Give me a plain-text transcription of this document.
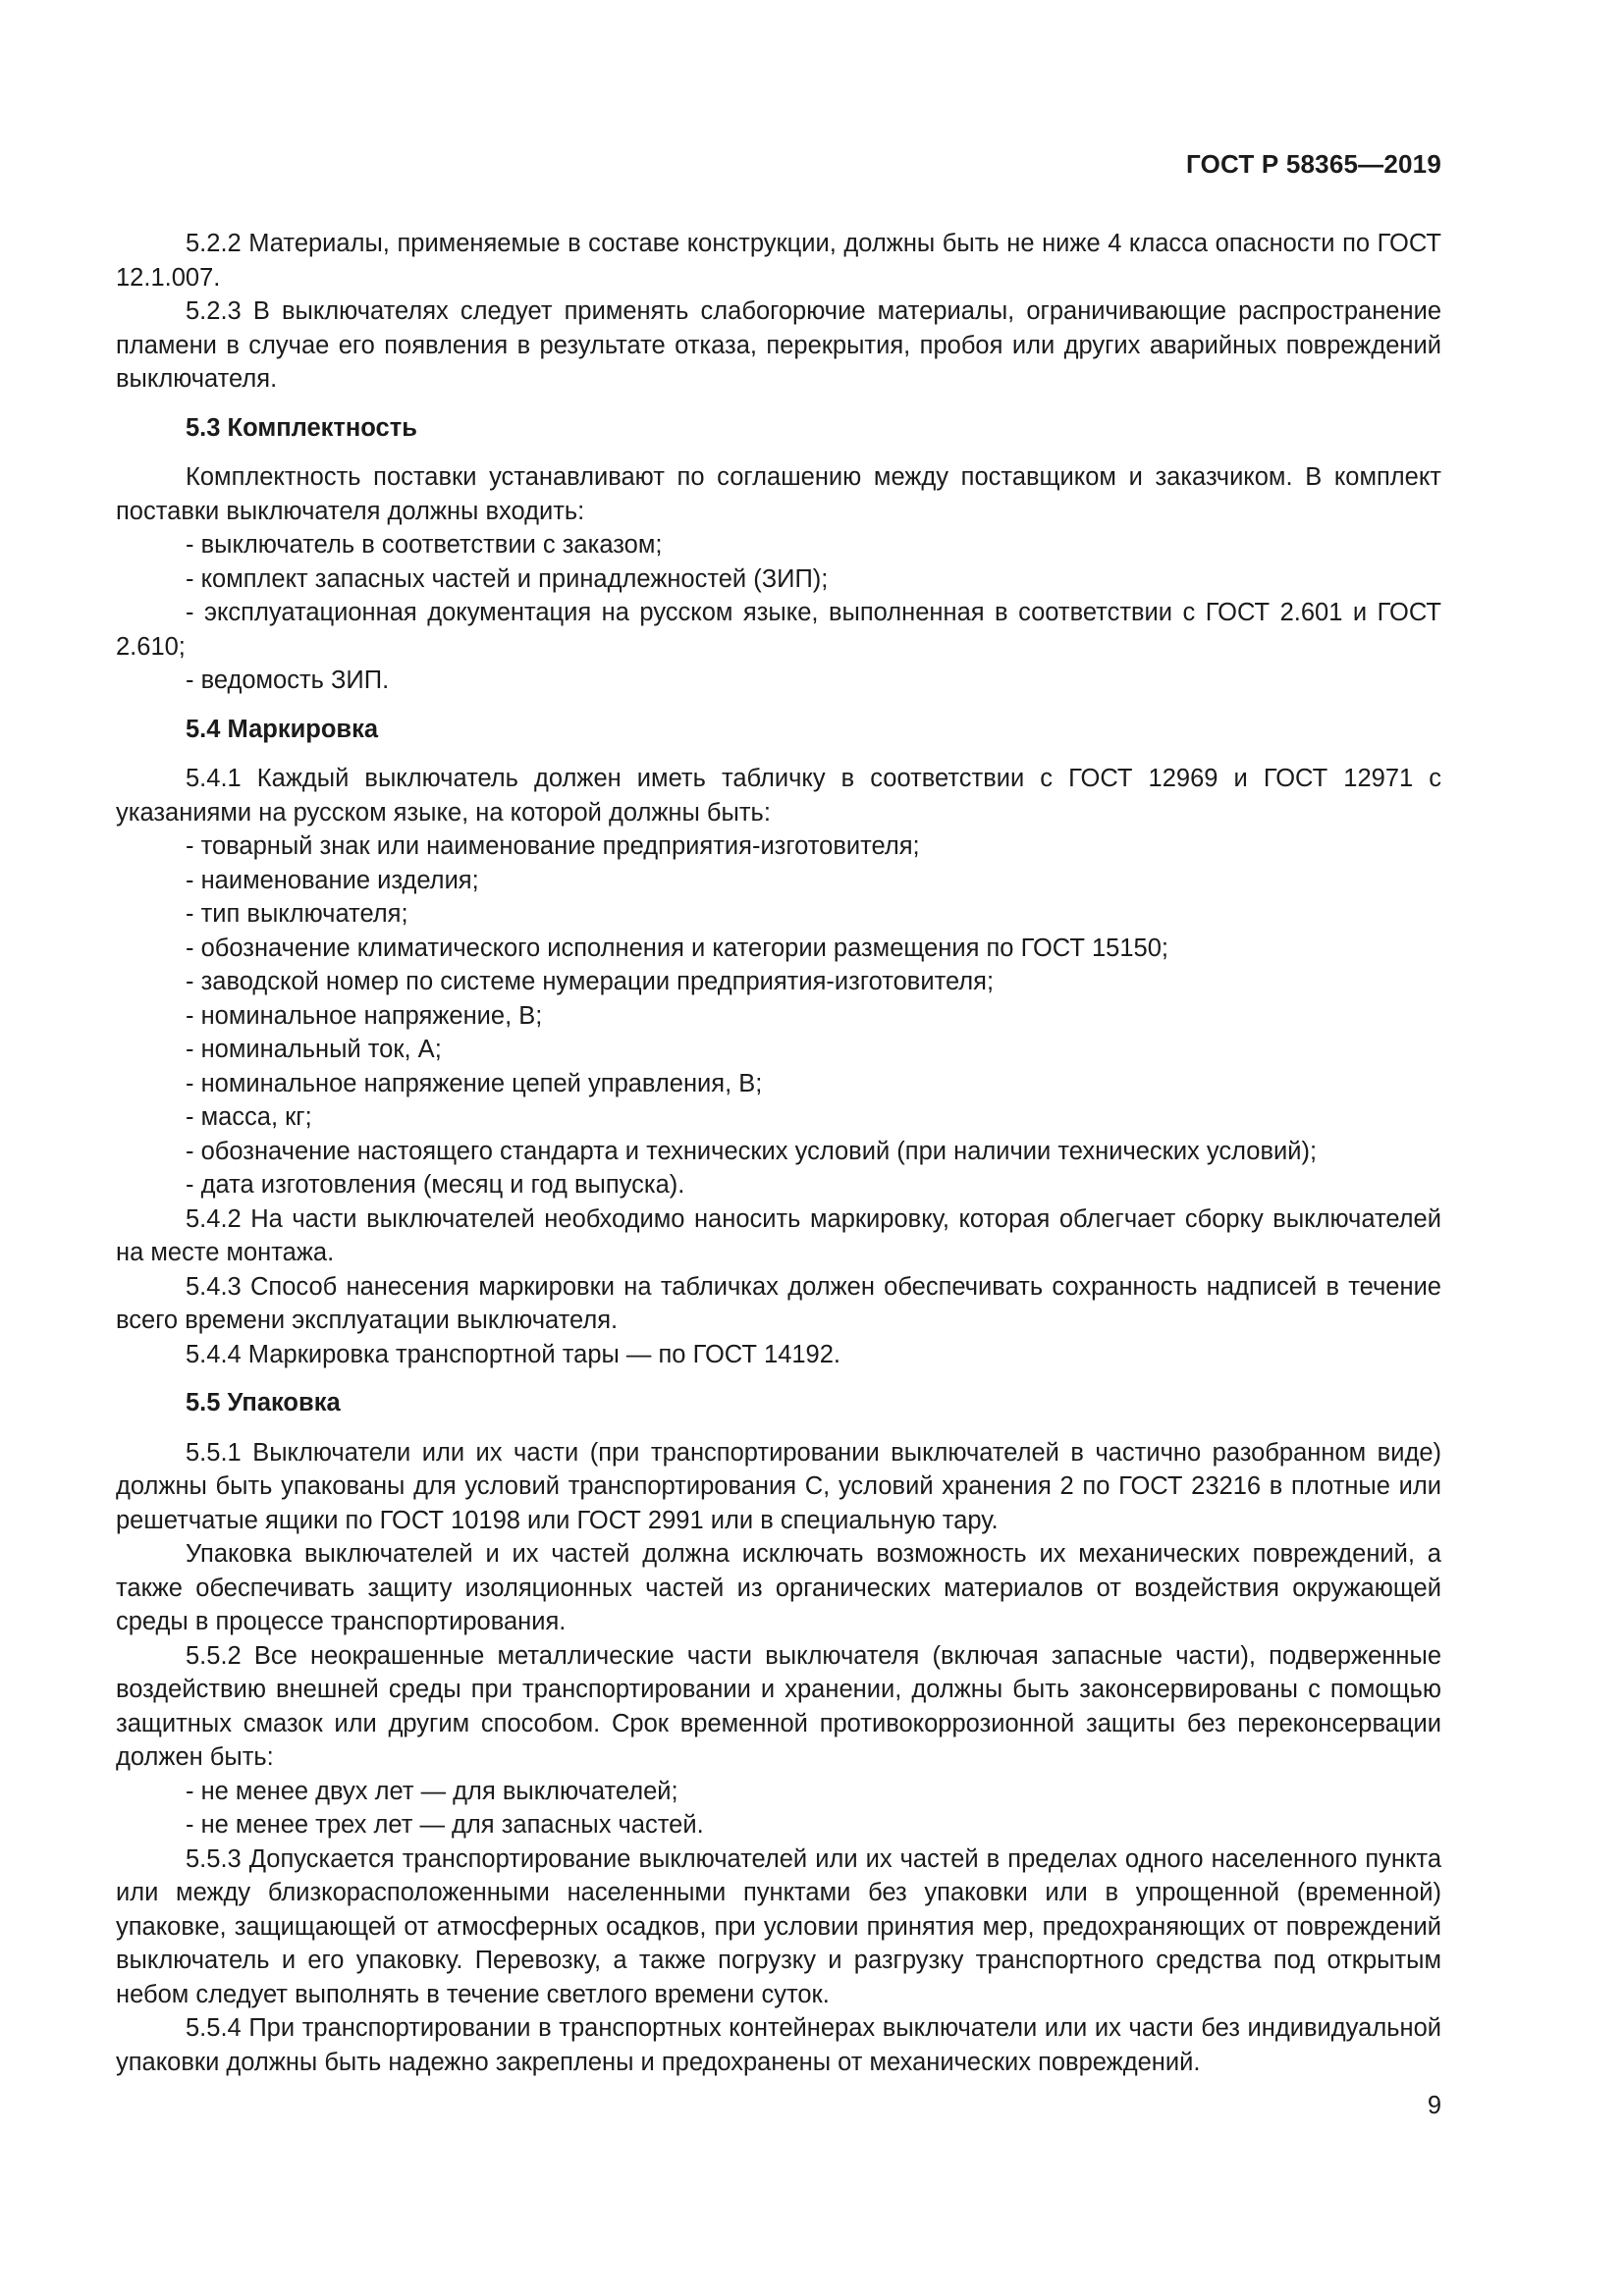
ГОСТ Р 58365—2019

5.2.2 Материалы, применяемые в составе конструкции, должны быть не ниже 4 класса опасности по ГОСТ 12.1.007.

5.2.3 В выключателях следует применять слабогорючие материалы, ограничивающие распространение пламени в случае его появления в результате отказа, перекрытия, пробоя или других аварийных повреждений выключателя.

5.3 Комплектность

Комплектность поставки устанавливают по соглашению между поставщиком и заказчиком. В комплект поставки выключателя должны входить:

- выключатель в соответствии с заказом;

- комплект запасных частей и принадлежностей (ЗИП);

- эксплуатационная документация на русском языке, выполненная в соответствии с ГОСТ 2.601 и ГОСТ 2.610;

- ведомость ЗИП.

5.4 Маркировка

5.4.1 Каждый выключатель должен иметь табличку в соответствии с ГОСТ 12969 и ГОСТ 12971 с указаниями на русском языке, на которой должны быть:

- товарный знак или наименование предприятия-изготовителя;

- наименование изделия;

- тип выключателя;

- обозначение климатического исполнения и категории размещения по ГОСТ 15150;

- заводской номер по системе нумерации предприятия-изготовителя;

- номинальное напряжение, В;

- номинальный ток, А;

- номинальное напряжение цепей управления, В;

- масса, кг;

- обозначение настоящего стандарта и технических условий (при наличии технических условий);

- дата изготовления (месяц и год выпуска).

5.4.2 На части выключателей необходимо наносить маркировку, которая облегчает сборку выключателей на месте монтажа.

5.4.3 Способ нанесения маркировки на табличках должен обеспечивать сохранность надписей в течение всего времени эксплуатации выключателя.

5.4.4 Маркировка транспортной тары — по ГОСТ 14192.

5.5 Упаковка

5.5.1 Выключатели или их части (при транспортировании выключателей в частично разобранном виде) должны быть упакованы для условий транспортирования С, условий хранения 2 по ГОСТ 23216 в плотные или решетчатые ящики по ГОСТ 10198 или ГОСТ 2991 или в специальную тару.

Упаковка выключателей и их частей должна исключать возможность их механических повреждений, а также обеспечивать защиту изоляционных частей из органических материалов от воздействия окружающей среды в процессе транспортирования.

5.5.2 Все неокрашенные металлические части выключателя (включая запасные части), подверженные воздействию внешней среды при транспортировании и хранении, должны быть законсервированы с помощью защитных смазок или другим способом. Срок временной противокоррозионной защиты без переконсервации должен быть:

- не менее двух лет — для выключателей;

- не менее трех лет — для запасных частей.

5.5.3 Допускается транспортирование выключателей или их частей в пределах одного населенного пункта или между близкорасположенными населенными пунктами без упаковки или в упрощенной (временной) упаковке, защищающей от атмосферных осадков, при условии принятия мер, предохраняющих от повреждений выключатель и его упаковку. Перевозку, а также погрузку и разгрузку транспортного средства под открытым небом следует выполнять в течение светлого времени суток.

5.5.4 При транспортировании в транспортных контейнерах выключатели или их части без индивидуальной упаковки должны быть надежно закреплены и предохранены от механических повреждений.

9
